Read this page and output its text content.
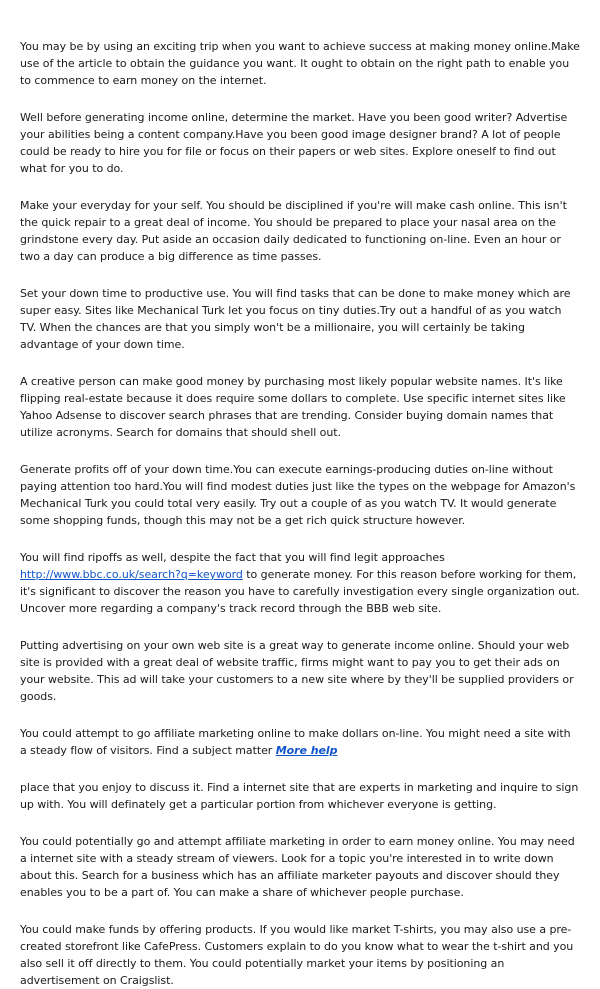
You may be by using an exciting trip when you want to achieve success at making money online.Make use of the article to obtain the guidance you want. It ought to obtain on the right path to enable you to commence to earn money on the internet.

Well before generating income online, determine the market. Have you been good writer? Advertise your abilities being a content company.Have you been good image designer brand? A lot of people could be ready to hire you for file or focus on their papers or web sites. Explore oneself to find out what for you to do.

Make your everyday for your self. You should be disciplined if you're will make cash online. This isn't the quick repair to a great deal of income. You should be prepared to place your nasal area on the grindstone every day. Put aside an occasion daily dedicated to functioning on-line. Even an hour or two a day can produce a big difference as time passes.

Set your down time to productive use. You will find tasks that can be done to make money which are super easy. Sites like Mechanical Turk let you focus on tiny duties.Try out a handful of as you watch TV. When the chances are that you simply won't be a millionaire, you will certainly be taking advantage of your down time.

A creative person can make good money by purchasing most likely popular website names. It's like flipping real-estate because it does require some dollars to complete. Use specific internet sites like Yahoo Adsense to discover search phrases that are trending. Consider buying domain names that utilize acronyms. Search for domains that should shell out.

Generate profits off of your down time.You can execute earnings-producing duties on-line without paying attention too hard.You will find modest duties just like the types on the webpage for Amazon's Mechanical Turk you could total very easily. Try out a couple of as you watch TV. It would generate some shopping funds, though this may not be a get rich quick structure however.

You will find ripoffs as well, despite the fact that you will find legit approaches
http://www.bbc.co.uk/search?q=keyword to generate money. For this reason before working for them, it's significant to discover the reason you have to carefully investigation every single organization out. Uncover more regarding a company's track record through the BBB web site.

Putting advertising on your own web site is a great way to generate income online. Should your web site is provided with a great deal of website traffic, firms might want to pay you to get their ads on your website. This ad will take your customers to a new site where by they'll be supplied providers or goods.

You could attempt to go affiliate marketing online to make dollars on-line. You might need a site with a steady flow of visitors. Find a subject matter More help

place that you enjoy to discuss it. Find a internet site that are experts in marketing and inquire to sign up with. You will definately get a particular portion from whichever everyone is getting.

You could potentially go and attempt affiliate marketing in order to earn money online. You may need a internet site with a steady stream of viewers. Look for a topic you're interested in to write down about this. Search for a business which has an affiliate marketer payouts and discover should they enables you to be a part of. You can make a share of whichever people purchase.

You could make funds by offering products. If you would like market T-shirts, you may also use a pre-created storefront like CafePress. Customers explain to do you know what to wear the t-shirt and you also sell it off directly to them. You could potentially market your items by positioning an advertisement on Craigslist.
